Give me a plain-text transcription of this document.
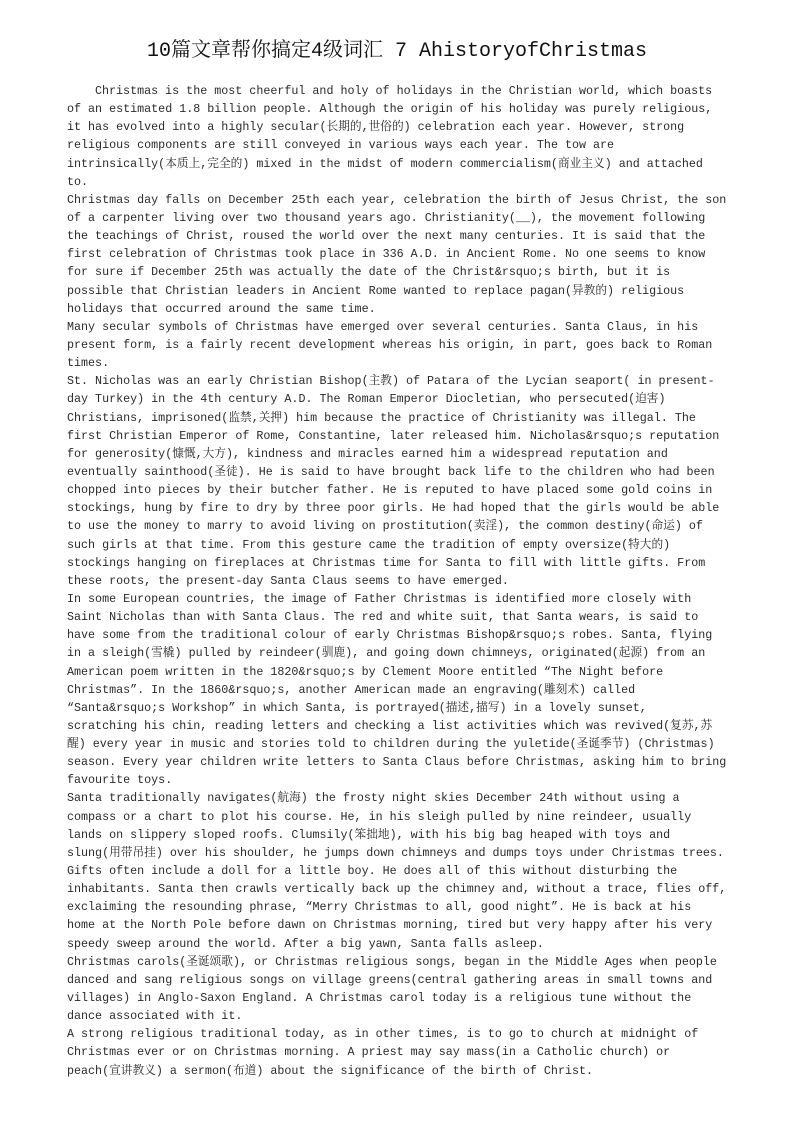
10篇文章帮你搞定4级词汇 7 AhistoryofChristmas
Christmas is the most cheerful and holy of holidays in the Christian world, which boasts
of an estimated 1.8 billion people. Although the origin of his holiday was purely religious,
it has evolved into a highly secular(长期的,世俗的) celebration each year. However, strong
religious components are still conveyed in various ways each year. The tow are
intrinsically(本质上,完全的) mixed in the midst of modern commercialism(商业主义) and attached
to.
Christmas day falls on December 25th each year, celebration the birth of Jesus Christ, the son
of a carpenter living over two thousand years ago. Christianity(__), the movement following
the teachings of Christ, roused the world over the next many centuries. It is said that the
first celebration of Christmas took place in 336 A.D. in Ancient Rome. No one seems to know
for sure if December 25th was actually the date of the Christ&rsquo;s birth, but it is
possible that Christian leaders in Ancient Rome wanted to replace pagan(异教的) religious
holidays that occurred around the same time.
Many secular symbols of Christmas have emerged over several centuries. Santa Claus, in his
present form, is a fairly recent development whereas his origin, in part, goes back to Roman
times.
St. Nicholas was an early Christian Bishop(主教) of Patara of the Lycian seaport( in present-
day Turkey) in the 4th century A.D. The Roman Emperor Diocletian, who persecuted(迫害)
Christians, imprisoned(监禁,关押) him because the practice of Christianity was illegal. The
first Christian Emperor of Rome, Constantine, later released him. Nicholas&rsquo;s reputation
for generosity(慷慨,大方), kindness and miracles earned him a widespread reputation and
eventually sainthood(圣徒). He is said to have brought back life to the children who had been
chopped into pieces by their butcher father. He is reputed to have placed some gold coins in
stockings, hung by fire to dry by three poor girls. He had hoped that the girls would be able
to use the money to marry to avoid living on prostitution(卖淫), the common destiny(命运) of
such girls at that time. From this gesture came the tradition of empty oversize(特大的)
stockings hanging on fireplaces at Christmas time for Santa to fill with little gifts. From
these roots, the present-day Santa Claus seems to have emerged.
In some European countries, the image of Father Christmas is identified more closely with
Saint Nicholas than with Santa Claus. The red and white suit, that Santa wears, is said to
have some from the traditional colour of early Christmas Bishop&rsquo;s robes. Santa, flying
in a sleigh(雪橇) pulled by reindeer(驯鹿), and going down chimneys, originated(起源) from an
American poem written in the 1820&rsquo;s by Clement Moore entitled “The Night before
Christmas”. In the 1860&rsquo;s, another American made an engraving(雕刻术) called
“Santa&rsquo;s Workshop” in which Santa, is portrayed(描述,描写) in a lovely sunset,
scratching his chin, reading letters and checking a list activities which was revived(复苏,苏
醒) every year in music and stories told to children during the yuletide(圣诞季节) (Christmas)
season. Every year children write letters to Santa Claus before Christmas, asking him to bring
favourite toys.
Santa traditionally navigates(航海) the frosty night skies December 24th without using a
compass or a chart to plot his course. He, in his sleigh pulled by nine reindeer, usually
lands on slippery sloped roofs. Clumsily(笨拙地), with his big bag heaped with toys and
slung(用带吊挂) over his shoulder, he jumps down chimneys and dumps toys under Christmas trees.
Gifts often include a doll for a little boy. He does all of this without disturbing the
inhabitants. Santa then crawls vertically back up the chimney and, without a trace, flies off,
exclaiming the resounding phrase, “Merry Christmas to all, good night”. He is back at his
home at the North Pole before dawn on Christmas morning, tired but very happy after his very
speedy sweep around the world. After a big yawn, Santa falls asleep.
Christmas carols(圣诞颂歌), or Christmas religious songs, began in the Middle Ages when people
danced and sang religious songs on village greens(central gathering areas in small towns and
villages) in Anglo-Saxon England. A Christmas carol today is a religious tune without the
dance associated with it.
A strong religious traditional today, as in other times, is to go to church at midnight of
Christmas ever or on Christmas morning. A priest may say mass(in a Catholic church) or
peach(宣讲教义) a sermon(布道) about the significance of the birth of Christ.
